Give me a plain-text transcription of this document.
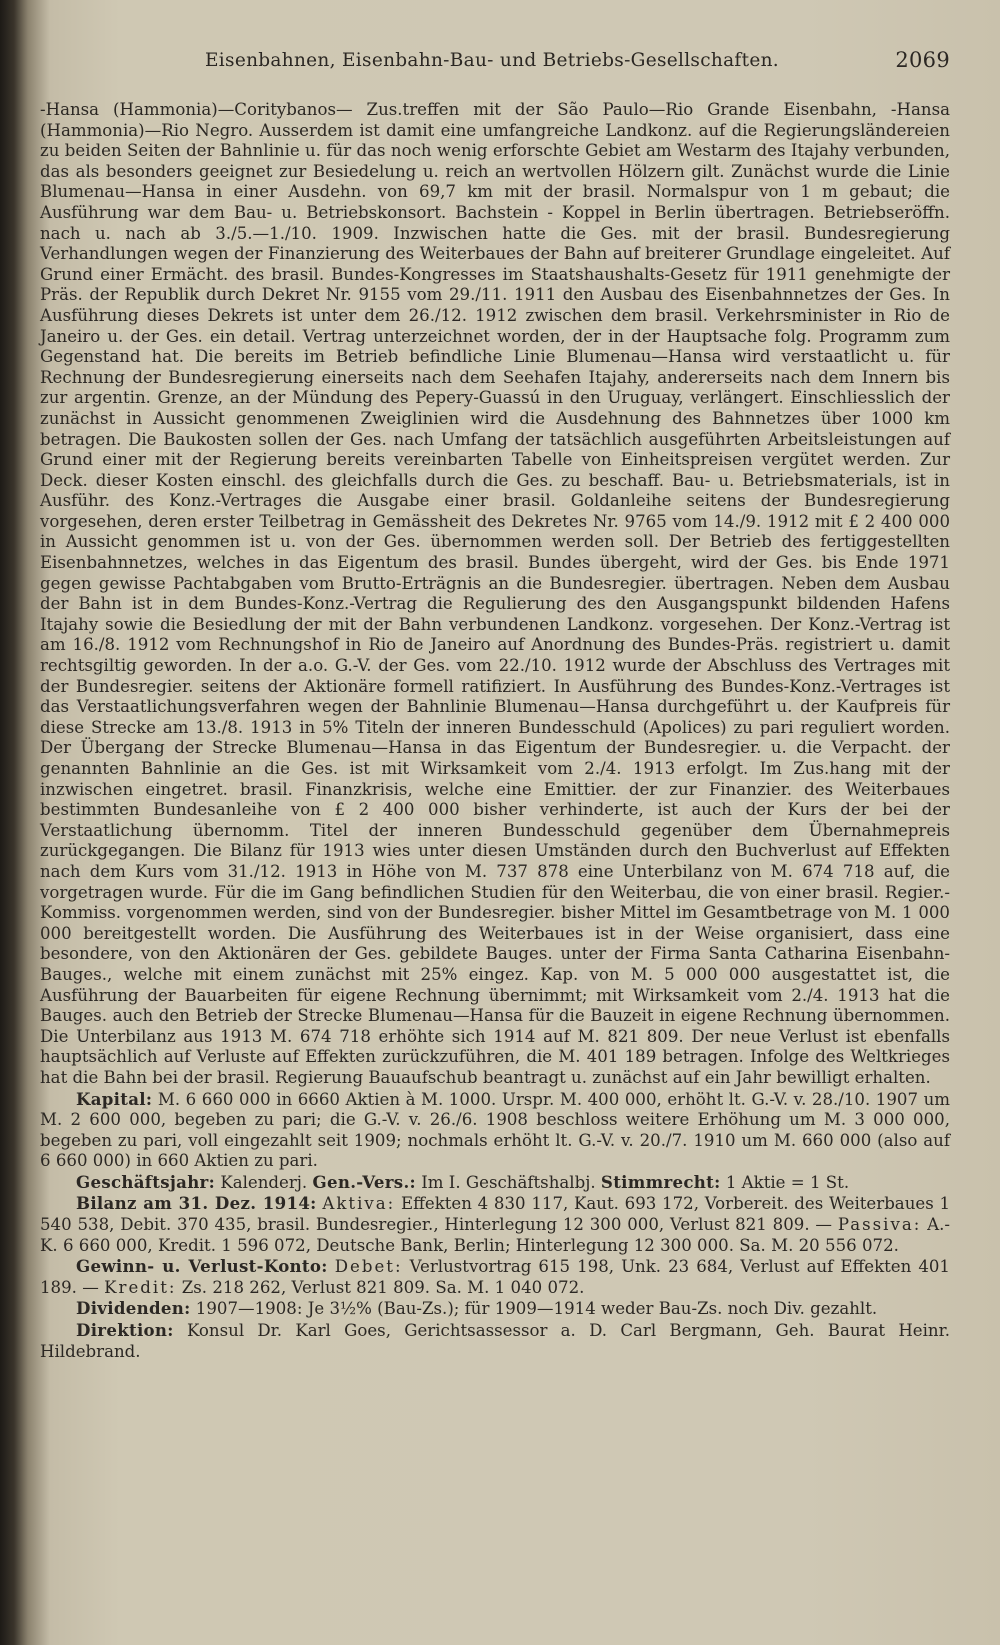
Eisenbahnen, Eisenbahn-Bau- und Betriebs-Gesellschaften.	2069

-Hansa (Hammonia)—Coritybanos— Zus.treffen mit der São Paulo—Rio Grande Eisenbahn, -Hansa (Hammonia)—Rio Negro. Ausserdem ist damit eine umfangreiche Landkonz. auf die Regierungsländereien zu beiden Seiten der Bahnlinie u. für das noch wenig erforschte Gebiet am Westarm des Itajahy verbunden, das als besonders geeignet zur Besiedelung u. reich an wertvollen Hölzern gilt. Zunächst wurde die Linie Blumenau—Hansa in einer Ausdehn. von 69,7 km mit der brasil. Normalspur von 1 m gebaut; die Ausführung war dem Bau- u. Betriebskonsort. Bachstein - Koppel in Berlin übertragen. Betriebseröffn. nach u. nach ab 3./5.—1./10. 1909. Inzwischen hatte die Ges. mit der brasil. Bundesregierung Verhandlungen wegen der Finanzierung des Weiterbaues der Bahn auf breiterer Grundlage eingeleitet. Auf Grund einer Ermächt. des brasil. Bundes-Kongresses im Staatshaushalts-Gesetz für 1911 genehmigte der Präs. der Republik durch Dekret Nr. 9155 vom 29./11. 1911 den Ausbau des Eisenbahnnetzes der Ges. In Ausführung dieses Dekrets ist unter dem 26./12. 1912 zwischen dem brasil. Verkehrsminister in Rio de Janeiro u. der Ges. ein detail. Vertrag unterzeichnet worden, der in der Hauptsache folg. Programm zum Gegenstand hat. Die bereits im Betrieb befindliche Linie Blumenau—Hansa wird verstaatlicht u. für Rechnung der Bundesregierung einerseits nach dem Seehafen Itajahy, andererseits nach dem Innern bis zur argentin. Grenze, an der Mündung des Pepery-Guassú in den Uruguay, verlängert. Einschliesslich der zunächst in Aussicht genommenen Zweiglinien wird die Ausdehnung des Bahnnetzes über 1000 km betragen. Die Baukosten sollen der Ges. nach Umfang der tatsächlich ausgeführten Arbeitsleistungen auf Grund einer mit der Regierung bereits vereinbarten Tabelle von Einheitspreisen vergütet werden. Zur Deck. dieser Kosten einschl. des gleichfalls durch die Ges. zu beschaff. Bau- u. Betriebsmaterials, ist in Ausführ. des Konz.-Vertrages die Ausgabe einer brasil. Goldanleihe seitens der Bundesregierung vorgesehen, deren erster Teilbetrag in Gemässheit des Dekretes Nr. 9765 vom 14./9. 1912 mit £ 2 400 000 in Aussicht genommen ist u. von der Ges. übernommen werden soll. Der Betrieb des fertiggestellten Eisenbahnnetzes, welches in das Eigentum des brasil. Bundes übergeht, wird der Ges. bis Ende 1971 gegen gewisse Pachtabgaben vom Brutto-Erträgnis an die Bundesregier. übertragen. Neben dem Ausbau der Bahn ist in dem Bundes-Konz.-Vertrag die Regulierung des den Ausgangspunkt bildenden Hafens Itajahy sowie die Besiedlung der mit der Bahn verbundenen Landkonz. vorgesehen. Der Konz.-Vertrag ist am 16./8. 1912 vom Rechnungshof in Rio de Janeiro auf Anordnung des Bundes-Präs. registriert u. damit rechtsgiltig geworden. In der a.o. G.-V. der Ges. vom 22./10. 1912 wurde der Abschluss des Vertrages mit der Bundesregier. seitens der Aktionäre formell ratifiziert. In Ausführung des Bundes-Konz.-Vertrages ist das Verstaatlichungsverfahren wegen der Bahnlinie Blumenau—Hansa durchgeführt u. der Kaufpreis für diese Strecke am 13./8. 1913 in 5% Titeln der inneren Bundesschuld (Apolices) zu pari reguliert worden. Der Übergang der Strecke Blumenau—Hansa in das Eigentum der Bundesregier. u. die Verpacht. der genannten Bahnlinie an die Ges. ist mit Wirksamkeit vom 2./4. 1913 erfolgt. Im Zus.hang mit der inzwischen eingetret. brasil. Finanzkrisis, welche eine Emittier. der zur Finanzier. des Weiterbaues bestimmten Bundesanleihe von £ 2 400 000 bisher verhinderte, ist auch der Kurs der bei der Verstaatlichung übernomm. Titel der inneren Bundesschuld gegenüber dem Übernahmepreis zurückgegangen. Die Bilanz für 1913 wies unter diesen Umständen durch den Buchverlust auf Effekten nach dem Kurs vom 31./12. 1913 in Höhe von M. 737 878 eine Unterbilanz von M. 674 718 auf, die vorgetragen wurde. Für die im Gang befindlichen Studien für den Weiterbau, die von einer brasil. Regier.-Kommiss. vorgenommen werden, sind von der Bundesregier. bisher Mittel im Gesamtbetrage von M. 1 000 000 bereitgestellt worden. Die Ausführung des Weiterbaues ist in der Weise organisiert, dass eine besondere, von den Aktionären der Ges. gebildete Bauges. unter der Firma Santa Catharina Eisenbahn-Bauges., welche mit einem zunächst mit 25% eingez. Kap. von M. 5 000 000 ausgestattet ist, die Ausführung der Bauarbeiten für eigene Rechnung übernimmt; mit Wirksamkeit vom 2./4. 1913 hat die Bauges. auch den Betrieb der Strecke Blumenau—Hansa für die Bauzeit in eigene Rechnung übernommen. Die Unterbilanz aus 1913 M. 674 718 erhöhte sich 1914 auf M. 821 809. Der neue Verlust ist ebenfalls hauptsächlich auf Verluste auf Effekten zurückzuführen, die M. 401 189 betragen. Infolge des Weltkrieges hat die Bahn bei der brasil. Regierung Bauaufschub beantragt u. zunächst auf ein Jahr bewilligt erhalten.

Kapital: M. 6 660 000 in 6660 Aktien à M. 1000. Urspr. M. 400 000, erhöht lt. G.-V. v. 28./10. 1907 um M. 2 600 000, begeben zu pari; die G.-V. v. 26./6. 1908 beschloss weitere Erhöhung um M. 3 000 000, begeben zu pari, voll eingezahlt seit 1909; nochmals erhöht lt. G.-V. v. 20./7. 1910 um M. 660 000 (also auf 6 660 000) in 660 Aktien zu pari.

Geschäftsjahr: Kalenderj. Gen.-Vers.: Im I. Geschäftshalbj. Stimmrecht: 1 Aktie = 1 St.

Bilanz am 31. Dez. 1914: Aktiva: Effekten 4 830 117, Kaut. 693 172, Vorbereit. des Weiterbaues 1 540 538, Debit. 370 435, brasil. Bundesregier., Hinterlegung 12 300 000, Verlust 821 809. — Passiva: A.-K. 6 660 000, Kredit. 1 596 072, Deutsche Bank, Berlin; Hinterlegung 12 300 000. Sa. M. 20 556 072.

Gewinn- u. Verlust-Konto: Debet: Verlustvortrag 615 198, Unk. 23 684, Verlust auf Effekten 401 189. — Kredit: Zs. 218 262, Verlust 821 809. Sa. M. 1 040 072.

Dividenden: 1907—1908: Je 3½% (Bau-Zs.); für 1909—1914 weder Bau-Zs. noch Div. gezahlt.

Direktion: Konsul Dr. Karl Goes, Gerichtsassessor a. D. Carl Bergmann, Geh. Baurat Heinr. Hildebrand.
